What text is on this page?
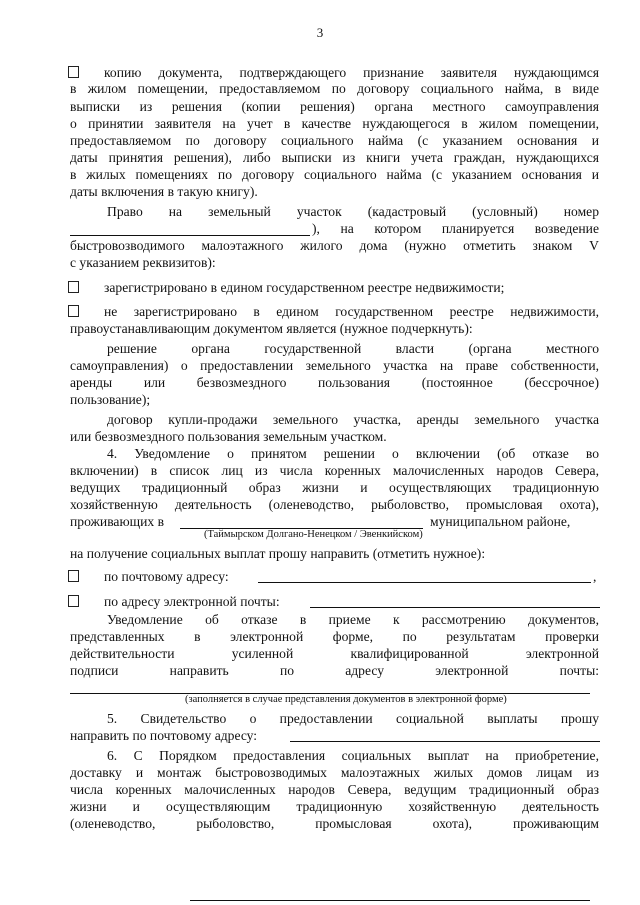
3
копию документа, подтверждающего признание заявителя нуждающимся
в жилом помещении, предоставляемом по договору социального найма, в виде
выписки из решения (копии решения) органа местного самоуправления
о принятии заявителя на учет в качестве нуждающегося в жилом помещении,
предоставляемом по договору социального найма (с указанием основания и
даты принятия решения), либо выписки из книги учета граждан, нуждающихся
в жилых помещениях по договору социального найма (с указанием основания и
даты включения в такую книгу).
Право на земельный участок (кадастровый (условный) номер
), на котором планируется возведение
быстровозводимого малоэтажного жилого дома (нужно отметить знаком V
с указанием реквизитов):
зарегистрировано в едином государственном реестре недвижимости;
не зарегистрировано в едином государственном реестре недвижимости,
правоустанавливающим документом является (нужное подчеркнуть):
решение органа государственной власти (органа местного
самоуправления) о предоставлении земельного участка на праве собственности,
аренды или безвозмездного пользования (постоянное (бессрочное)
пользование);
договор купли-продажи земельного участка, аренды земельного участка
или безвозмездного пользования земельным участком.
4. Уведомление о принятом решении о включении (об отказе во
включении) в список лиц из числа коренных малочисленных народов Севера,
ведущих традиционный образ жизни и осуществляющих традиционную
хозяйственную деятельность (оленеводство, рыболовство, промысловая охота),
проживающих в	муниципальном районе,
(Таймырском Долгано-Ненецком / Эвенкийском)
на получение социальных выплат прошу направить (отметить нужное):
по почтовому адресу:	,
по адресу электронной почты:
Уведомление об отказе в приеме к рассмотрению документов,
представленных в электронной форме, по результатам проверки
действительности усиленной квалифицированной электронной
подписи направить по адресу электронной почты:
(заполняется в случае представления документов в электронной форме)
5. Свидетельство о предоставлении социальной выплаты прошу
направить по почтовому адресу:
6. С Порядком предоставления социальных выплат на приобретение,
доставку и монтаж быстровозводимых малоэтажных жилых домов лицам из
числа коренных малочисленных народов Севера, ведущим традиционный образ
жизни и осуществляющим традиционную хозяйственную деятельность
(оленеводство, рыболовство, промысловая охота), проживающим
